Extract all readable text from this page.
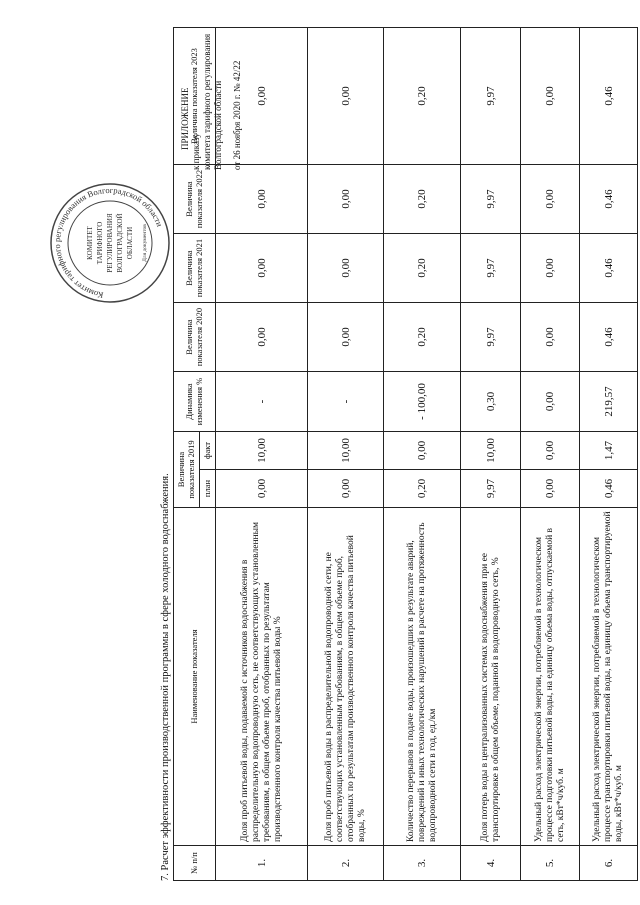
ПРИЛОЖЕНИЕ
к приказу комитета тарифного регулирования Волгоградской области от 26 ноября 2020 г. № 42/22
Комитет тарифного регулирования Волгоградской области
КОМИТЕТ ТАРИФНОГО РЕГУЛИРОВАНИЯ ВОЛГОГРАДСКОЙ ОБЛАСТИ Для документов
7. Расчет эффективности производственной программы в сфере холодного водоснабжения. № п/п	Наименование показателя	Величина показателя 2019		Динамика изменения %	Величина показателя 2020	Величина показателя 2021	Величина показателя 2022	Величина показателя 2023
		план	факт					
1.	Доля проб питьевой воды, подаваемой с источников водоснабжения в распределительную водопроводную сеть, не соответствующих установленным требованиям, в общем объеме проб, отобранных по результатам производственного контроля качества питьевой воды %	0,00	10,00	-	0,00	0,00	0,00	0,00
2.	Доля проб питьевой воды в распределительной водопроводной сети, не соответствующих установленным требованиям, в общем объеме проб, отобранных по результатам производственного контроля качества питьевой воды, %	0,00	10,00	-	0,00	0,00	0,00	0,00
3.	Количество перерывов в подаче воды, произошедших в результате аварий, повреждений и иных технологических нарушений в расчете на протяженность водопроводной сети в год, ед./км	0,20	0,00	- 100,00	0,20	0,20	0,20	0,20
4.	Доля потерь воды в централизованных системах водоснабжения при ее транспортировке в общем объеме, поданной в водопроводную сеть, %	9,97	10,00	0,30	9,97	9,97	9,97	9,97
5.	Удельный расход электрической энергии, потребляемой в технологическом процессе подготовки питьевой воды, на единицу объема воды, отпускаемой в сеть, кВт*ч/куб. м	0,00	0,00	0,00	0,00	0,00	0,00	0,00
6.	Удельный расход электрической энергии, потребляемой в технологическом процессе транспортировки питьевой воды, на единицу объема транспортируемой воды, кВт*ч/куб. м	0,46	1,47	219,57	0,46	0,46	0,46	0,46
